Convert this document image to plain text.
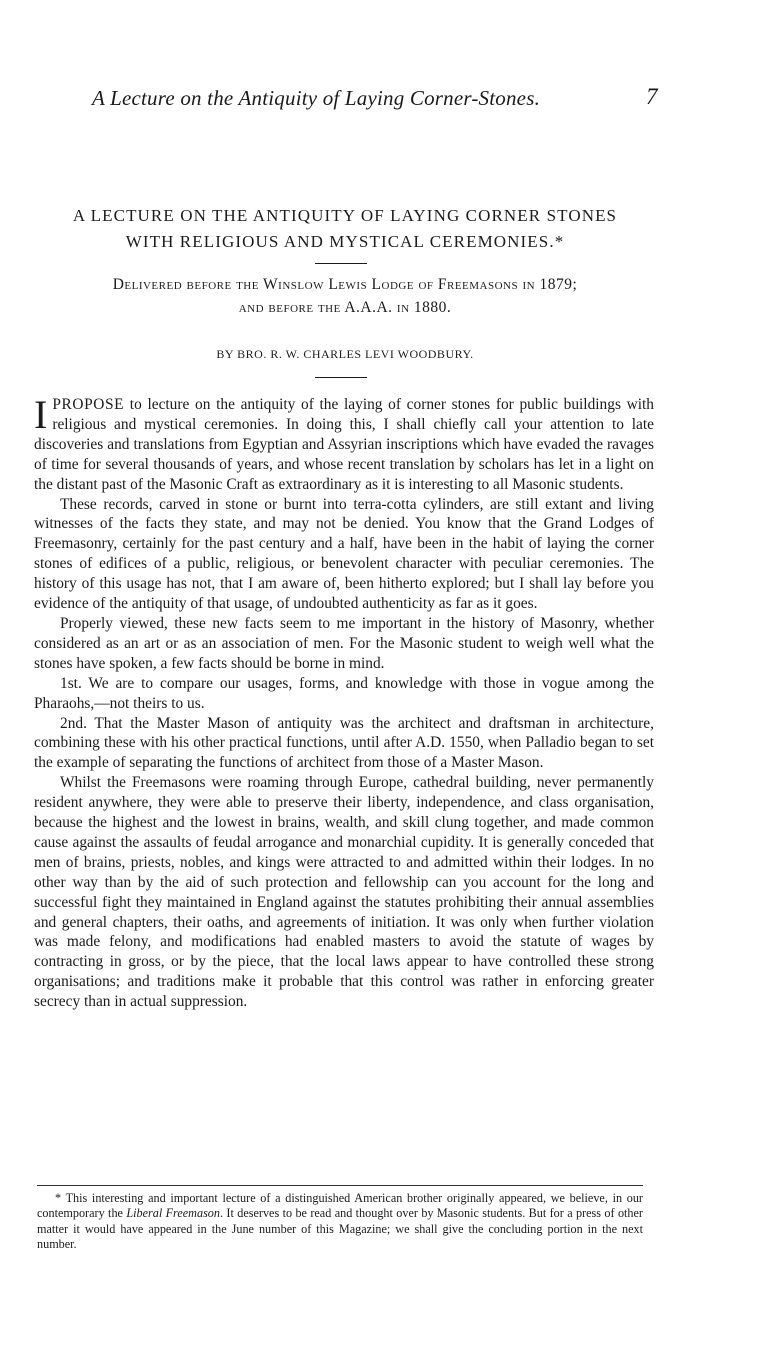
A Lecture on the Antiquity of Laying Corner-Stones.	7
A LECTURE ON THE ANTIQUITY OF LAYING CORNER STONES
WITH RELIGIOUS AND MYSTICAL CEREMONIES.*
Delivered before the Winslow Lewis Lodge of Freemasons in 1879;
and before the A.A.A. in 1880.
BY BRO. R. W. CHARLES LEVI WOODBURY.

IPROPOSE to lecture on the antiquity of the laying of corner stones for public buildings with religious and mystical ceremonies. In doing this, I shall chiefly call your attention to late discoveries and translations from Egyptian and Assyrian inscriptions which have evaded the ravages of time for several thousands of years, and whose recent translation by scholars has let in a light on the distant past of the Masonic Craft as extraordinary as it is interesting to all Masonic students.

These records, carved in stone or burnt into terra-cotta cylinders, are still extant and living witnesses of the facts they state, and may not be denied. You know that the Grand Lodges of Freemasonry, certainly for the past century and a half, have been in the habit of laying the corner stones of edifices of a public, religious, or benevolent character with peculiar ceremonies. The history of this usage has not, that I am aware of, been hitherto explored; but I shall lay before you evidence of the antiquity of that usage, of undoubted authenticity as far as it goes.

Properly viewed, these new facts seem to me important in the history of Masonry, whether considered as an art or as an association of men. For the Masonic student to weigh well what the stones have spoken, a few facts should be borne in mind.

1st. We are to compare our usages, forms, and knowledge with those in vogue among the Pharaohs,—not theirs to us.

2nd. That the Master Mason of antiquity was the architect and draftsman in architecture, combining these with his other practical functions, until after A.D. 1550, when Palladio began to set the example of separating the functions of architect from those of a Master Mason.

Whilst the Freemasons were roaming through Europe, cathedral building, never permanently resident anywhere, they were able to preserve their liberty, independence, and class organisation, because the highest and the lowest in brains, wealth, and skill clung together, and made common cause against the assaults of feudal arrogance and monarchial cupidity. It is generally conceded that men of brains, priests, nobles, and kings were attracted to and admitted within their lodges. In no other way than by the aid of such protection and fellowship can you account for the long and successful fight they maintained in England against the statutes prohibiting their annual assemblies and general chapters, their oaths, and agreements of initiation. It was only when further violation was made felony, and modifications had enabled masters to avoid the statute of wages by contracting in gross, or by the piece, that the local laws appear to have controlled these strong organisations; and traditions make it probable that this control was rather in enforcing greater secrecy than in actual suppression.

* This interesting and important lecture of a distinguished American brother originally appeared, we believe, in our contemporary the Liberal Freemason. It deserves to be read and thought over by Masonic students. But for a press of other matter it would have appeared in the June number of this Magazine; we shall give the concluding portion in the next number.
